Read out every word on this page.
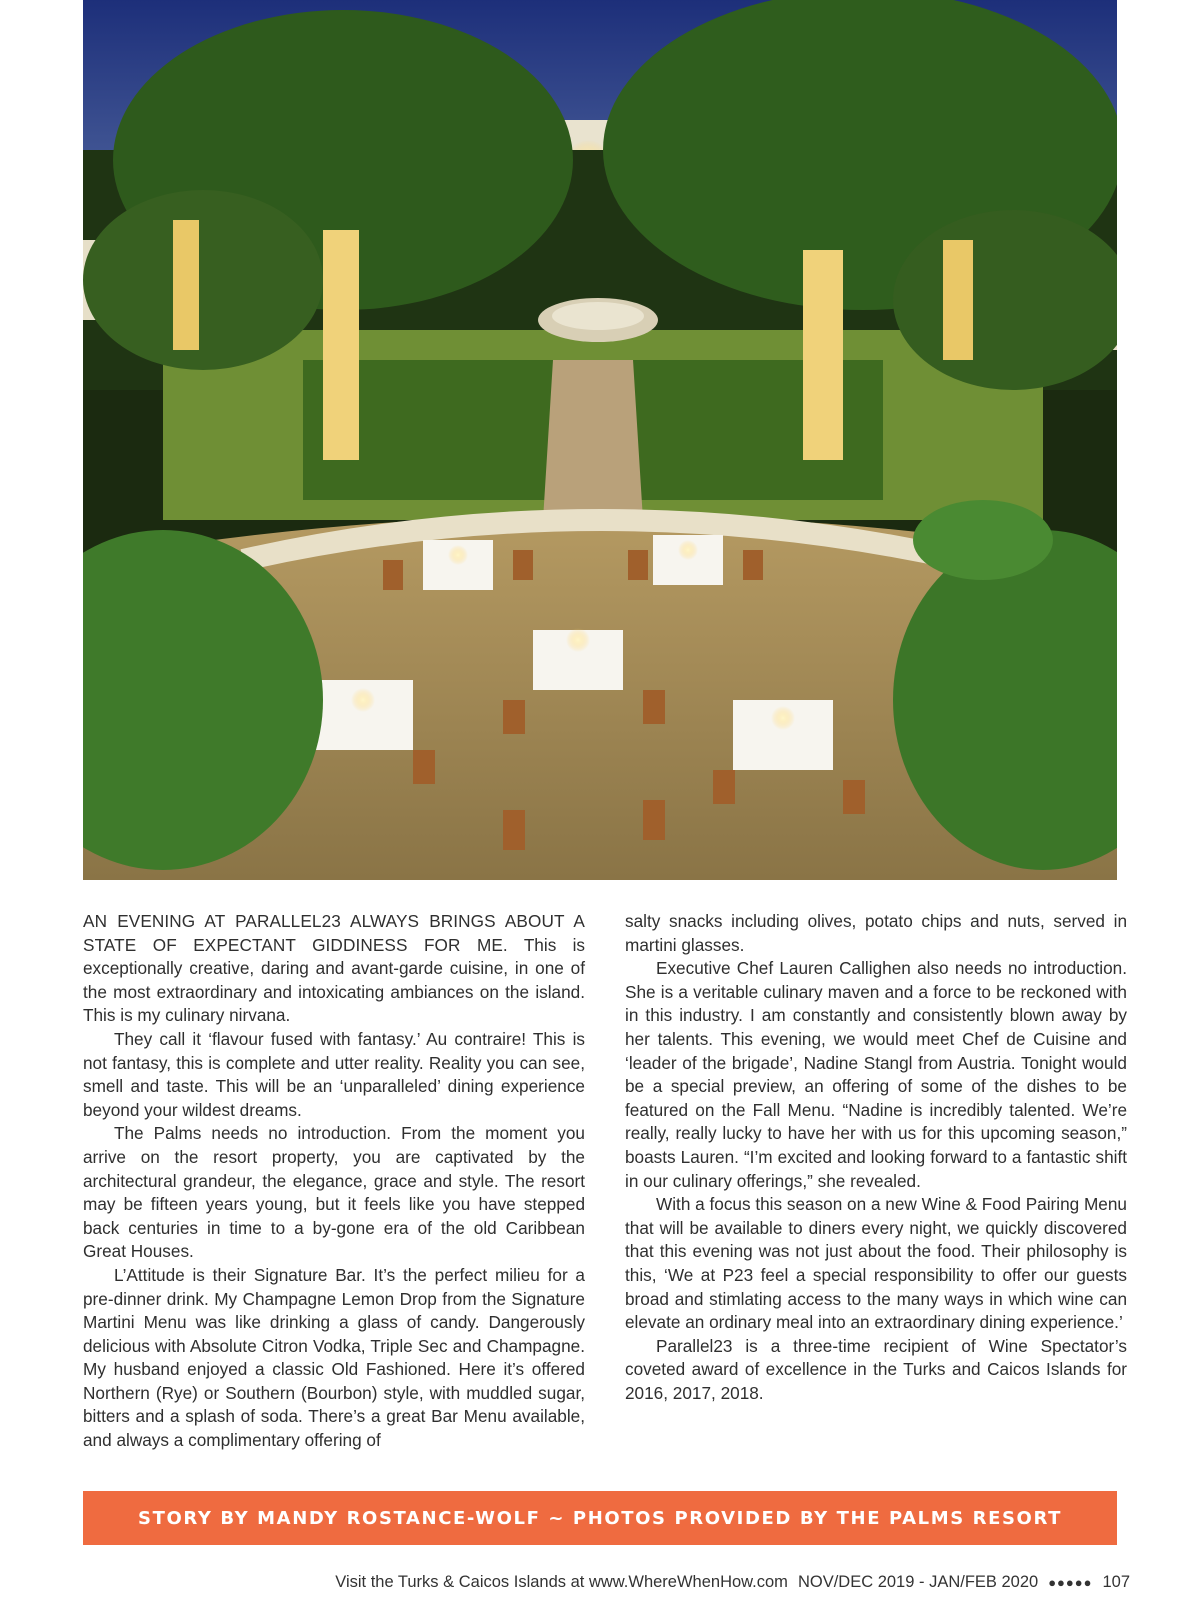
AN EVENING AT PARALLEL23 ALWAYS BRINGS ABOUT A STATE OF EXPECTANT GIDDINESS FOR ME. This is exceptionally creative, daring and avant-garde cuisine, in one of the most extraordinary and intoxicating ambiances on the island. This is my culinary nirvana.

They call it ‘flavour fused with fantasy.’ Au contraire! This is not fantasy, this is complete and utter reality. Reality you can see, smell and taste. This will be an ‘unparalleled’ dining experience beyond your wildest dreams.

The Palms needs no introduction. From the moment you arrive on the resort property, you are captivated by the architectural grandeur, the elegance, grace and style. The resort may be fifteen years young, but it feels like you have stepped back centuries in time to a by-gone era of the old Caribbean Great Houses.

L’Attitude is their Signature Bar. It’s the perfect milieu for a pre-dinner drink. My Champagne Lemon Drop from the Signature Martini Menu was like drinking a glass of candy. Dangerously delicious with Absolute Citron Vodka, Triple Sec and Champagne. My husband enjoyed a classic Old Fashioned. Here it’s offered Northern (Rye) or Southern (Bourbon) style, with muddled sugar, bitters and a splash of soda. There’s a great Bar Menu available, and always a complimentary offering of

salty snacks including olives, potato chips and nuts, served in martini glasses.

Executive Chef Lauren Callighen also needs no introduction. She is a veritable culinary maven and a force to be reckoned with in this industry. I am constantly and consistently blown away by her talents. This evening, we would meet Chef de Cuisine and ‘leader of the brigade’, Nadine Stangl from Austria. Tonight would be a special preview, an offering of some of the dishes to be featured on the Fall Menu. “Nadine is incredibly talented. We’re really, really lucky to have her with us for this upcoming season,” boasts Lauren. “I’m excited and looking forward to a fantastic shift in our culinary offerings,” she revealed.

With a focus this season on a new Wine & Food Pairing Menu that will be available to diners every night, we quickly discovered that this evening was not just about the food. Their philosophy is this, ‘We at P23 feel a special responsibility to offer our guests broad and stimlating access to the many ways in which wine can elevate an ordinary meal into an extraordinary dining experience.’

Parallel23 is a three-time recipient of Wine Spectator’s coveted award of excellence in the Turks and Caicos Islands for 2016, 2017, 2018.

STORY BY MANDY ROSTANCE-WOLF ~ PHOTOS PROVIDED BY THE PALMS RESORT
Visit the Turks & Caicos Islands at www.WhereWhenHow.com NOV/DEC 2019 - JAN/FEB 2020 ●●●●● 107
